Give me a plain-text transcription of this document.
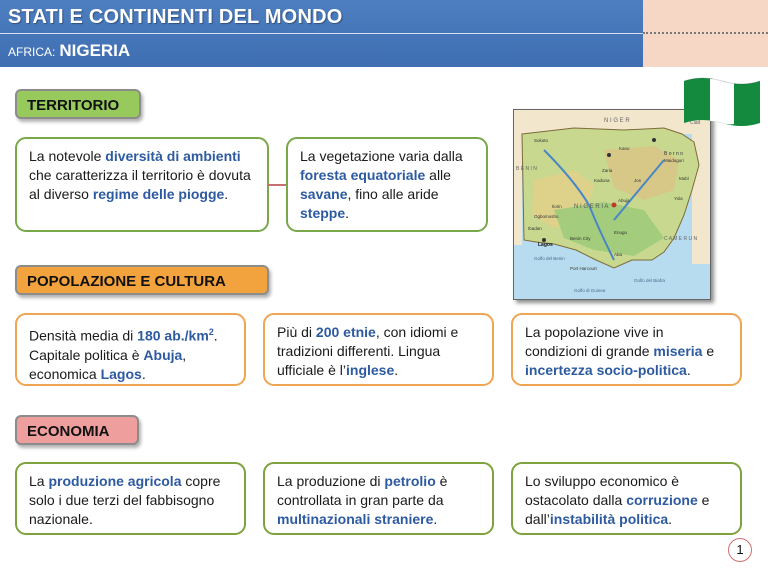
STATI E CONTINENTI DEL MONDO
AFRICA: NIGERIA
TERRITORIO
La notevole diversità di ambienti che caratterizza il territorio è dovuta al diverso regime delle piogge.
La vegetazione varia dalla foresta equatoriale alle savane, fino alle aride steppe.
N I G E R
B E N I N
C A M E R U N
Ciad
B o r n o
N I G E R I A
Golfo del Benin
Golfo del Biafra
Golfo di Guinea
Sokoto
Kano
Zaria
Kaduna
Maiduguri
Abuja
Jos	Mubi
Yola
Ilorin
Ogbomosho
Ibadan
Lagos
Benin City
Enugu
Aba
Port Harcourt
POPOLAZIONE E CULTURA
Densità media di 180 $ab./km^2$. Capitale politica è Abuja, economica Lagos.
Più di 200 etnie, con idiomi e tradizioni differenti. Lingua ufficiale è l’inglese.
La popolazione vive in condizioni di grande miseria e incertezza socio-politica.
ECONOMIA
La produzione agricola copre solo i due terzi del fabbisogno nazionale.
La produzione di petrolio è controllata in gran parte da multinazionali straniere.
Lo sviluppo economico è ostacolato dalla corruzione e dall’instabilità politica.
1
